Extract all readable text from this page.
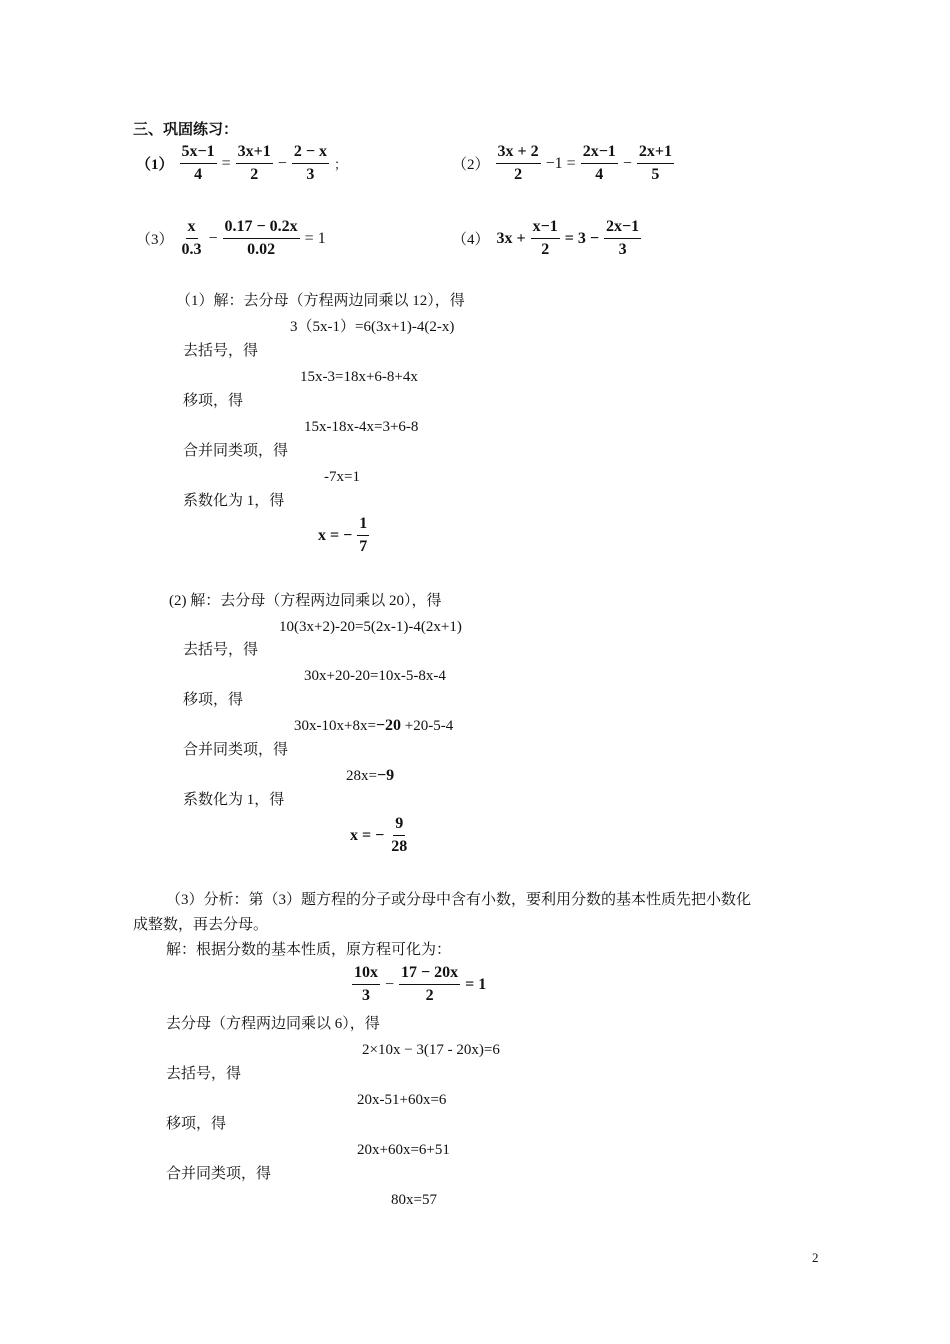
三、巩固练习：
$(1) \frac{5x-1}{4} = \frac{3x+1}{2} - \frac{2 - x}{3}$ ；	$(2) \frac{3x + 2}{2} -1 = \frac{2x-1}{4} - \frac{2x+1}{5}$
$(3) \frac{x}{0.3} - \frac{0.17 - 0.2x}{0.02} = 1$	（4） $3x + \frac{x-1}{2} = 3 - \frac{2x-1}{3}$
（1）解：去分母（方程两边同乘以 12），得
3（5x-1）=6(3x+1)-4(2-x)
去括号，得
15x-3=18x+6-8+4x
移项，得
15x-18x-4x=3+6-8
合并同类项，得
-7x=1
系数化为 1，得
x = − $\frac{1}{7}$
(2) 解：去分母（方程两边同乘以 20），得
10(3x+2)-20=5(2x-1)-4(2x+1)
去括号，得
30x+20-20=10x-5-8x-4
移项，得
30x-10x+8x=−20 +20-5-4
合并同类项，得
28x=−9
系数化为 1，得
x = − $\frac{9}{28}$
（3）分析：第（3）题方程的分子或分母中含有小数，要利用分数的基本性质先把小数化
成整数，再去分母。
解：根据分数的基本性质，原方程可化为：
$\frac{10x}{3} - \frac{17 - 20x}{2} = 1$
去分母（方程两边同乘以 6），得
2×10x − 3(17 - 20x)=6
去括号，得
20x-51+60x=6
移项，得
20x+60x=6+51
合并同类项，得
80x=57
2
